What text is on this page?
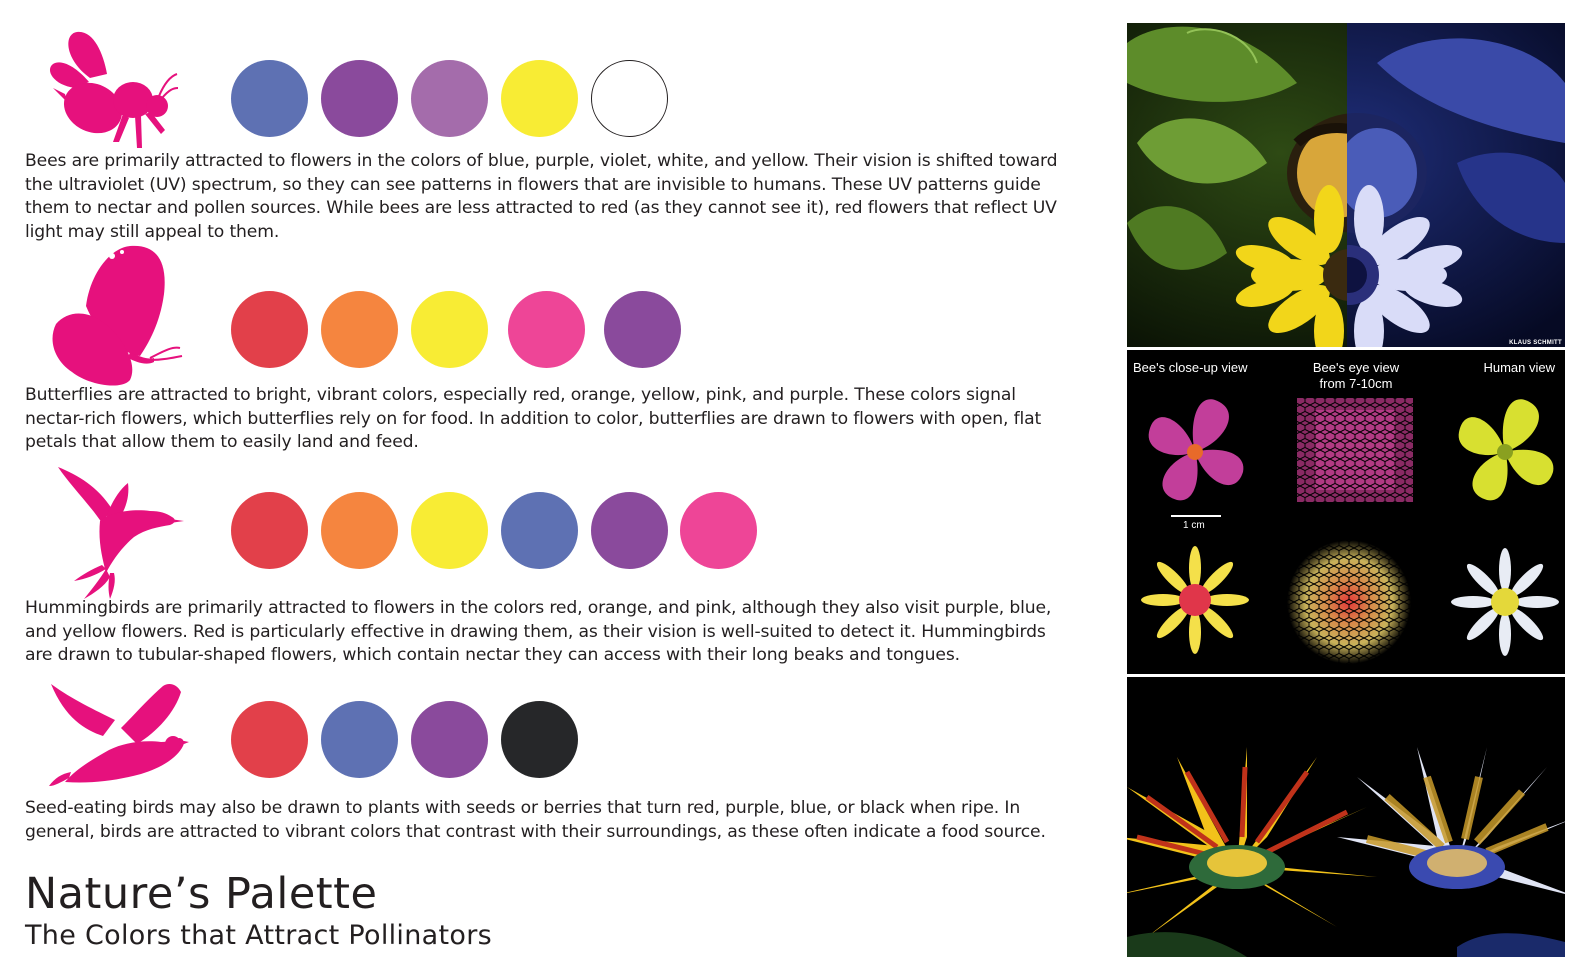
Bees are primarily attracted to flowers in the colors of blue, purple, violet, white, and yellow. Their vision is shifted toward the ultraviolet (UV) spectrum, so they can see patterns in flowers that are invisible to humans. These UV patterns guide them to nectar and pollen sources. While bees are less attracted to red (as they cannot see it), red flowers that reflect UV light may still appeal to them.

Butterflies are attracted to bright, vibrant colors, especially red, orange, yellow, pink, and purple. These colors signal nectar-rich flowers, which butterflies rely on for food. In addition to color, butterflies are drawn to flowers with open, flat petals that allow them to easily land and feed.

Hummingbirds are primarily attracted to flowers in the colors red, orange, and pink, although they also visit purple, blue, and yellow flowers. Red is particularly effective in drawing them, as their vision is well-suited to detect it. Hummingbirds are drawn to tubular-shaped flowers, which contain nectar they can access with their long beaks and tongues.

Seed-eating birds may also be drawn to plants with seeds or berries that turn red, purple, blue, or black when ripe. In general, birds are attracted to vibrant colors that contrast with their surroundings, as these often indicate a food source.

Nature’s Palette
The Colors that Attract Pollinators
KLAUS SCHMITT
Bee's close-up view	Bee's eye view
from 7-10cm
Human view
1 cm
